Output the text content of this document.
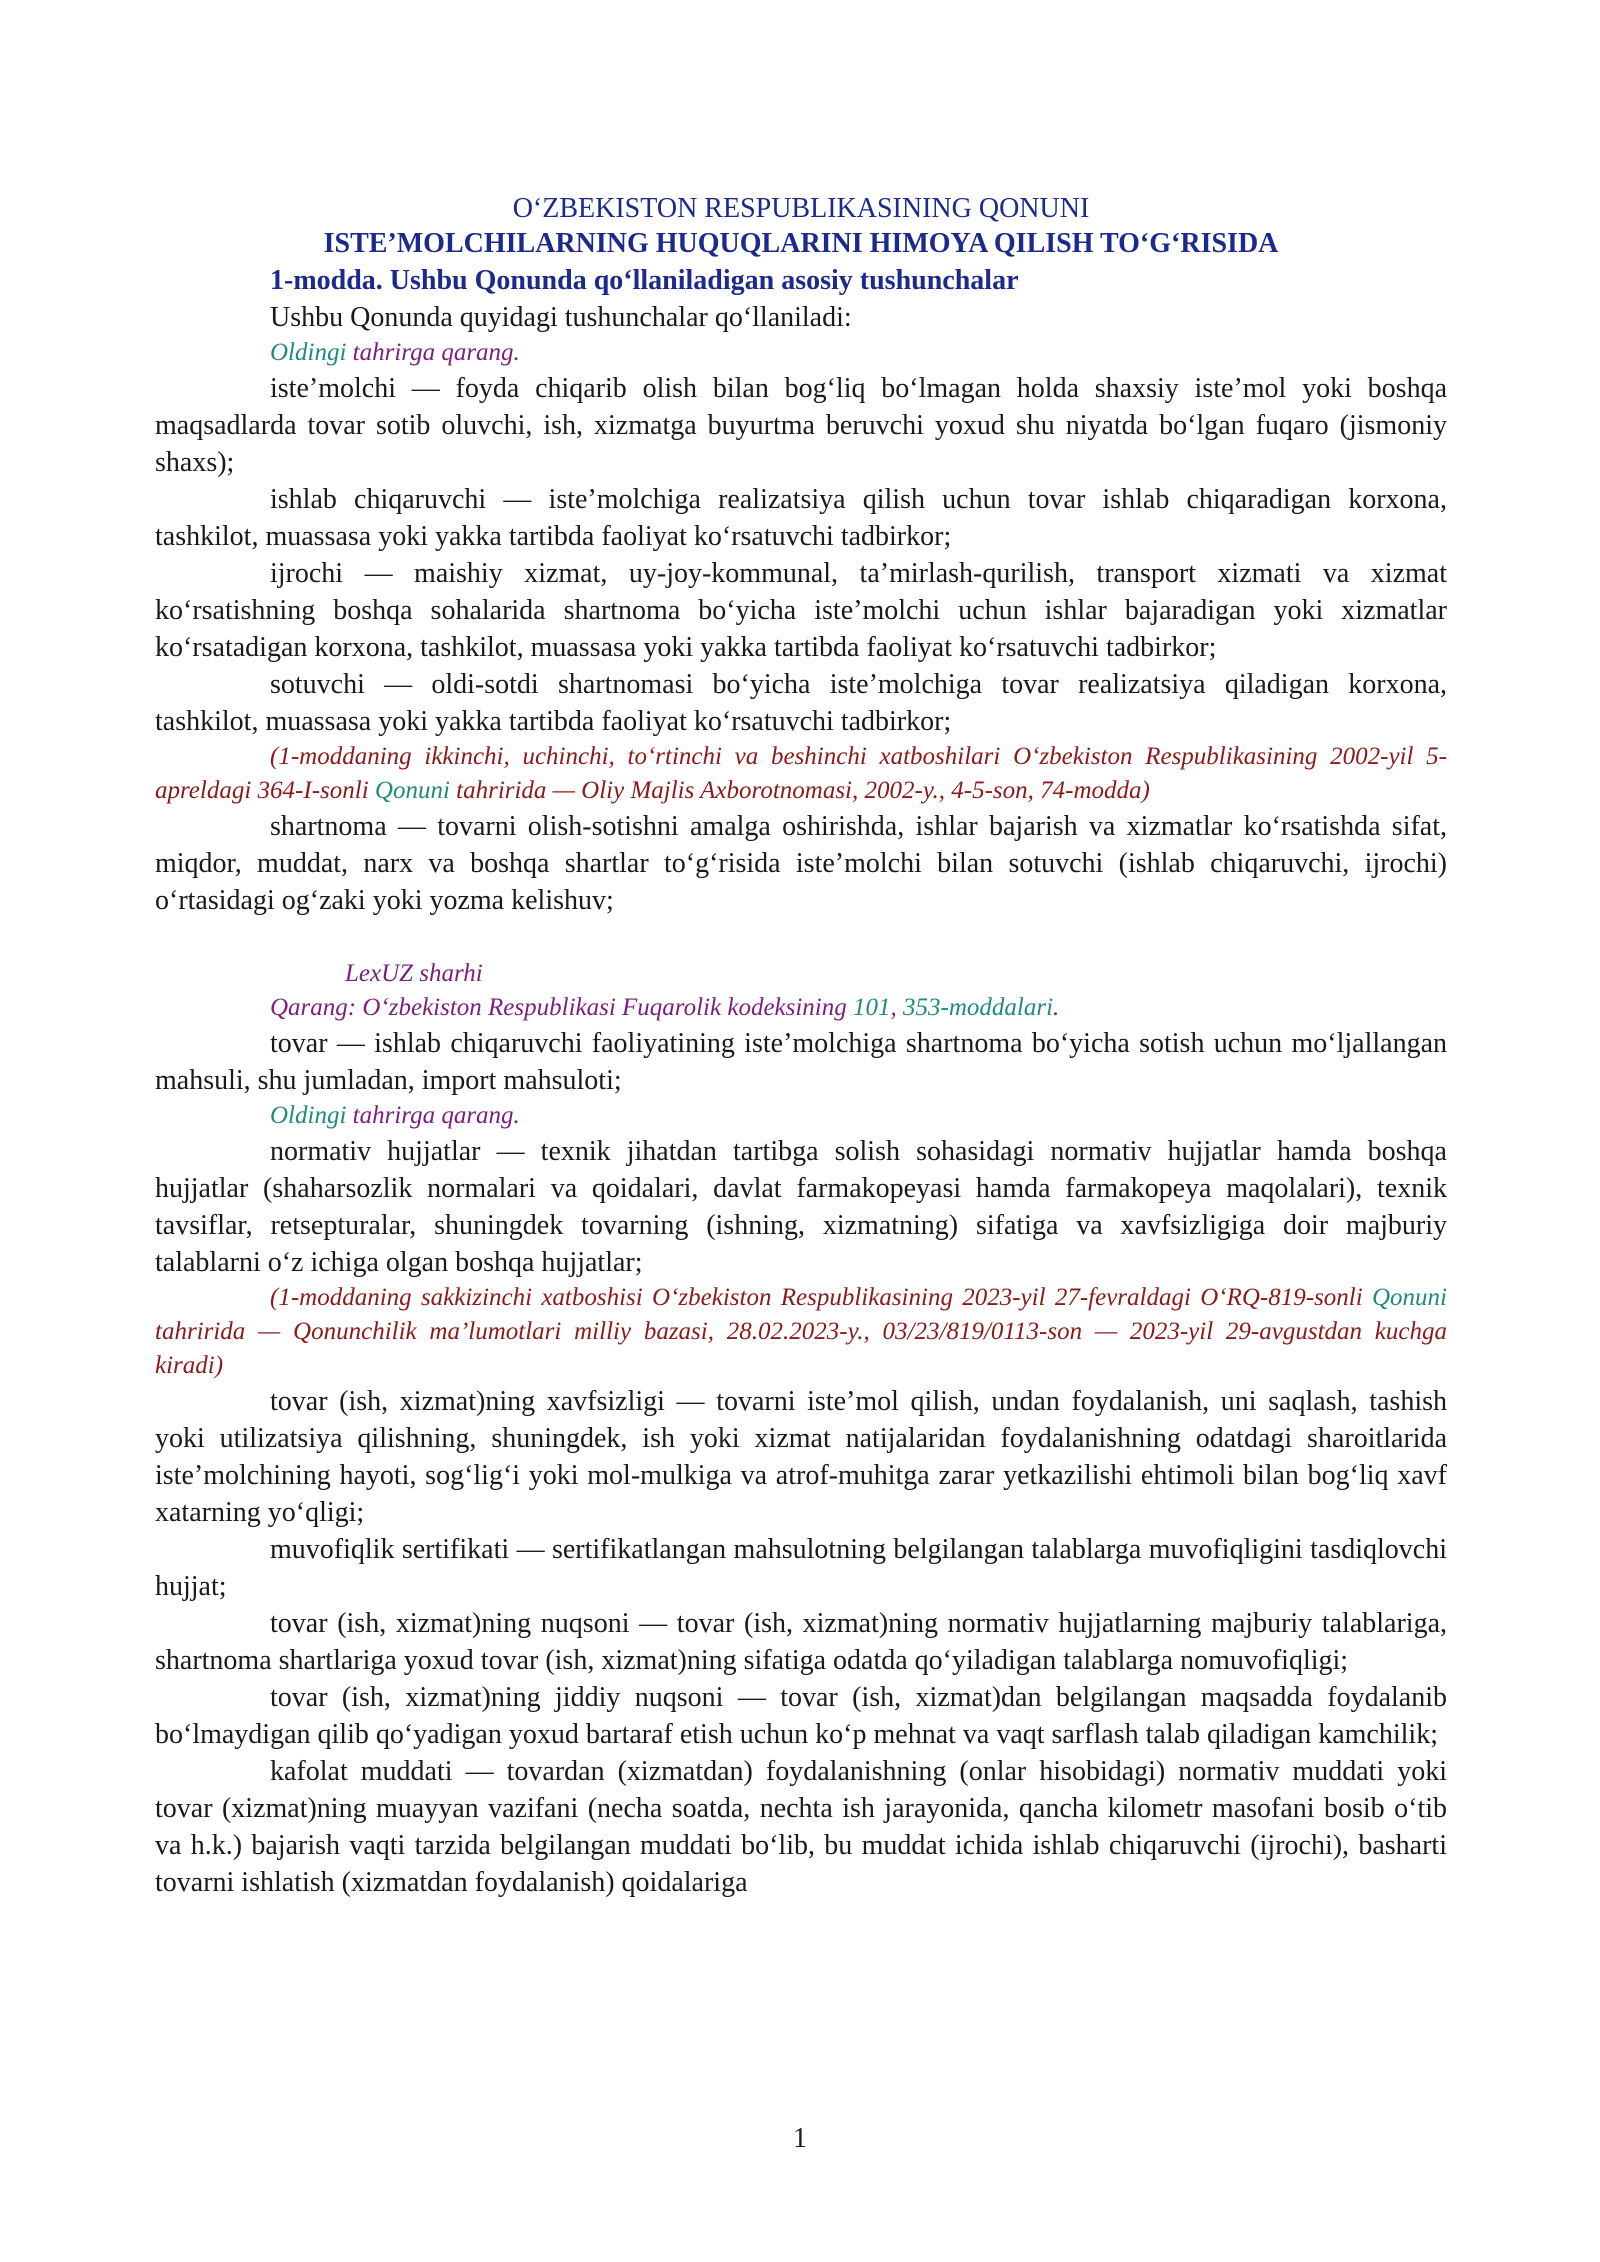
O‘ZBEKISTON RESPUBLIKASINING QONUNI
ISTE’MOLCHILARNING HUQUQLARINI HIMOYA QILISH TO‘G‘RISIDA
1-modda. Ushbu Qonunda qo‘llaniladigan asosiy tushunchalar

Ushbu Qonunda quyidagi tushunchalar qo‘llaniladi:

Oldingi tahrirga qarang.

iste’molchi — foyda chiqarib olish bilan bog‘liq bo‘lmagan holda shaxsiy iste’mol yoki boshqa maqsadlarda tovar sotib oluvchi, ish, xizmatga buyurtma beruvchi yoxud shu niyatda bo‘lgan fuqaro (jismoniy shaxs);

ishlab chiqaruvchi — iste’molchiga realizatsiya qilish uchun tovar ishlab chiqaradigan korxona, tashkilot, muassasa yoki yakka tartibda faoliyat ko‘rsatuvchi tadbirkor;

ijrochi — maishiy xizmat, uy-joy-kommunal, ta’mirlash-qurilish, transport xizmati va xizmat ko‘rsatishning boshqa sohalarida shartnoma bo‘yicha iste’molchi uchun ishlar bajaradigan yoki xizmatlar ko‘rsatadigan korxona, tashkilot, muassasa yoki yakka tartibda faoliyat ko‘rsatuvchi tadbirkor;

sotuvchi — oldi-sotdi shartnomasi bo‘yicha iste’molchiga tovar realizatsiya qiladigan korxona, tashkilot, muassasa yoki yakka tartibda faoliyat ko‘rsatuvchi tadbirkor;

(1-moddaning ikkinchi, uchinchi, to‘rtinchi va beshinchi xatboshilari O‘zbekiston Respublikasining 2002-yil 5-apreldagi 364-I-sonli Qonuni tahririda — Oliy Majlis Axborotnomasi, 2002-y., 4-5-son, 74-modda)

shartnoma — tovarni olish-sotishni amalga oshirishda, ishlar bajarish va xizmatlar ko‘rsatishda sifat, miqdor, muddat, narx va boshqa shartlar to‘g‘risida iste’molchi bilan sotuvchi (ishlab chiqaruvchi, ijrochi) o‘rtasidagi og‘zaki yoki yozma kelishuv;

LexUZ sharhi
Qarang: O‘zbekiston Respublikasi Fuqarolik kodeksining 101, 353-moddalari.

tovar — ishlab chiqaruvchi faoliyatining iste’molchiga shartnoma bo‘yicha sotish uchun mo‘ljallangan mahsuli, shu jumladan, import mahsuloti;

Oldingi tahrirga qarang.

normativ hujjatlar — texnik jihatdan tartibga solish sohasidagi normativ hujjatlar hamda boshqa hujjatlar (shaharsozlik normalari va qoidalari, davlat farmakopeyasi hamda farmakopeya maqolalari), texnik tavsiflar, retsepturalar, shuningdek tovarning (ishning, xizmatning) sifatiga va xavfsizligiga doir majburiy talablarni o‘z ichiga olgan boshqa hujjatlar;

(1-moddaning sakkizinchi xatboshisi O‘zbekiston Respublikasining 2023-yil 27-fevraldagi O‘RQ-819-sonli Qonuni tahririda — Qonunchilik ma’lumotlari milliy bazasi, 28.02.2023-y., 03/23/819/0113-son — 2023-yil 29-avgustdan kuchga kiradi)

tovar (ish, xizmat)ning xavfsizligi — tovarni iste’mol qilish, undan foydalanish, uni saqlash, tashish yoki utilizatsiya qilishning, shuningdek, ish yoki xizmat natijalaridan foydalanishning odatdagi sharoitlarida iste’molchining hayoti, sog‘lig‘i yoki mol-mulkiga va atrof-muhitga zarar yetkazilishi ehtimoli bilan bog‘liq xavf xatarning yo‘qligi;

muvofiqlik sertifikati — sertifikatlangan mahsulotning belgilangan talablarga muvofiqligini tasdiqlovchi hujjat;

tovar (ish, xizmat)ning nuqsoni — tovar (ish, xizmat)ning normativ hujjatlarning majburiy talablariga, shartnoma shartlariga yoxud tovar (ish, xizmat)ning sifatiga odatda qo‘yiladigan talablarga nomuvofiqligi;

tovar (ish, xizmat)ning jiddiy nuqsoni — tovar (ish, xizmat)dan belgilangan maqsadda foydalanib bo‘lmaydigan qilib qo‘yadigan yoxud bartaraf etish uchun ko‘p mehnat va vaqt sarflash talab qiladigan kamchilik;

kafolat muddati — tovardan (xizmatdan) foydalanishning (onlar hisobidagi) normativ muddati yoki tovar (xizmat)ning muayyan vazifani (necha soatda, nechta ish jarayonida, qancha kilometr masofani bosib o‘tib va h.k.) bajarish vaqti tarzida belgilangan muddati bo‘lib, bu muddat ichida ishlab chiqaruvchi (ijrochi), basharti tovarni ishlatish (xizmatdan foydalanish) qoidalariga

1
